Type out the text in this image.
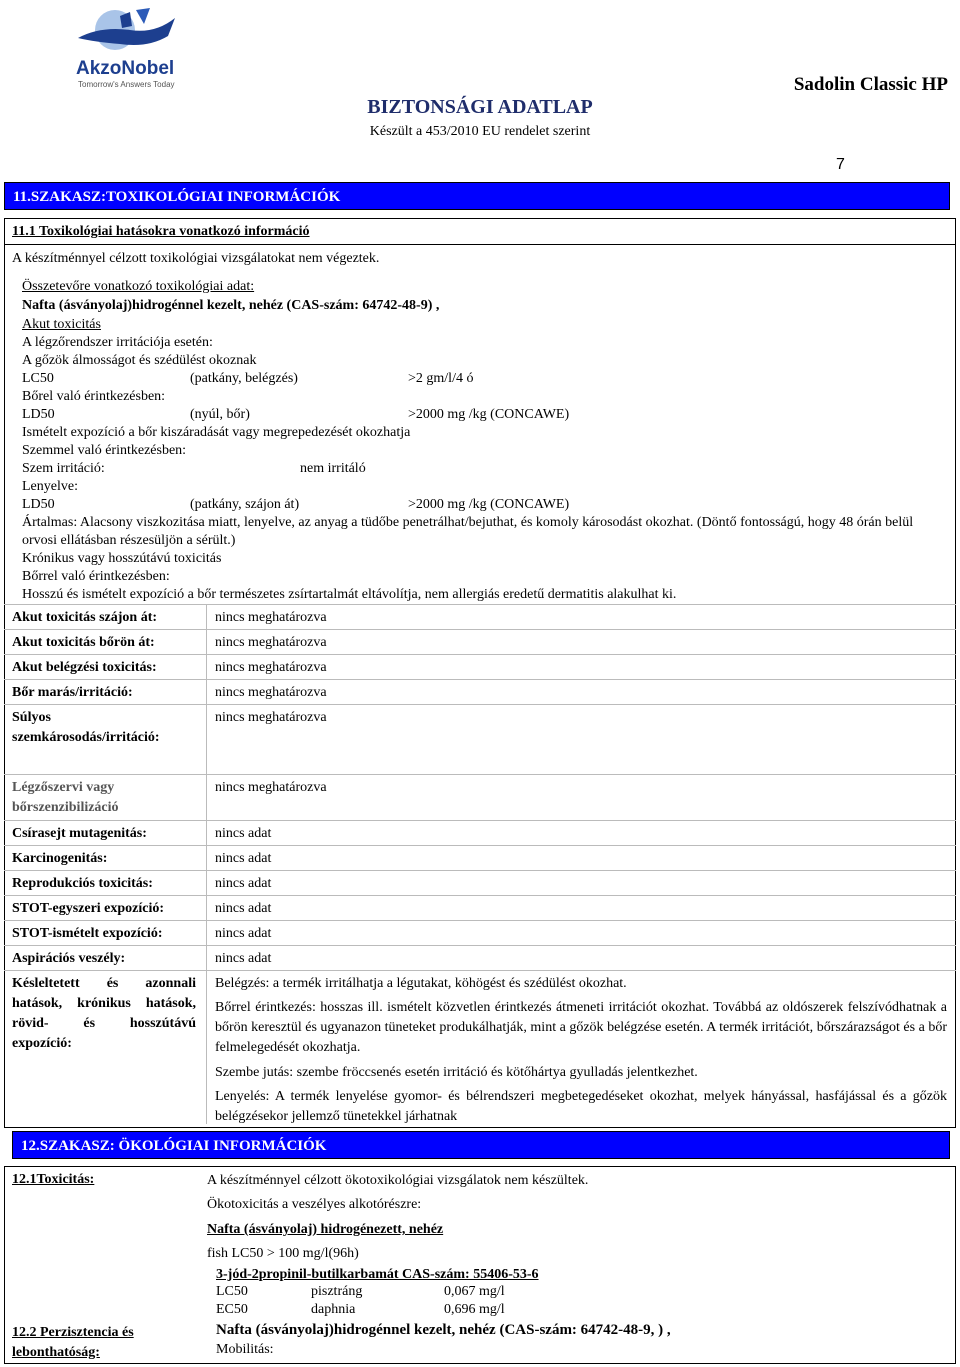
AkzoNobel
Tomorrow's Answers Today
BIZTONSÁGI ADATLAP
Készült a 453/2010 EU rendelet szerint
Sadolin Classic HP
7
11.SZAKASZ:TOXIKOLÓGIAI INFORMÁCIÓK
11.1 Toxikológiai hatásokra vonatkozó információ
A készítménnyel célzott toxikológiai vizsgálatokat nem végeztek.
Összetevőre vonatkozó toxikológiai adat:
Nafta (ásványolaj)hidrogénnel kezelt, nehéz (CAS-szám: 64742-48-9) ,
Akut toxicitás
A légzőrendszer irritációja esetén:
A gőzök álmosságot és szédülést okoznak
LC50	(patkány, belégzés)	>2 gm/l/4 ó
Bőrel való érintkezésben:
LD50	(nyúl, bőr)	>2000 mg /kg (CONCAWE)
Ismételt expozíció a bőr kiszáradását vagy megrepedezését okozhatja
Szemmel való érintkezésben:
Szem irritáció:	nem irritáló
Lenyelve:
LD50	(patkány, szájon át)	>2000 mg /kg (CONCAWE)
Ártalmas: Alacsony viszkozitása miatt, lenyelve, az anyag a tüdőbe penetrálhat/bejuthat, és komoly károsodást okozhat. (Döntő fontosságú, hogy 48 órán belül orvosi ellátásban részesüljön a sérült.)
Krónikus vagy hosszútávú toxicitás
Bőrrel való érintkezésben:
Hosszú és ismételt expozíció a bőr természetes zsírtartalmát eltávolítja, nem allergiás eredetű dermatitis alakulhat ki.
Akut toxicitás szájon át:	nincs meghatározva
Akut toxicitás bőrön át:	nincs meghatározva
Akut belégzési toxicitás:	nincs meghatározva
Bőr marás/irritáció:	nincs meghatározva
Súlyos szemkárosodás/irritáció:
nincs meghatározva
Légzőszervi vagy bőrszenzibilizáció
nincs meghatározva
Csírasejt mutagenitás:	nincs adat
Karcinogenitás:	nincs adat
Reprodukciós toxicitás:	nincs adat
STOT-egyszeri expozíció:	nincs adat
STOT-ismételt expozíció:	nincs adat
Aspirációs veszély:	nincs adat
Késleltetett és azonnali hatások, krónikus hatások, rövid- és hosszútávú expozíció:
Belégzés: a termék irritálhatja a légutakat, köhögést és szédülést okozhat.
Bőrrel érintkezés: hosszas ill. ismételt közvetlen érintkezés átmeneti irritációt okozhat. Továbbá az oldószerek felszívódhatnak a bőrön keresztül és ugyanazon tüneteket produkálhatják, mint a gőzök belégzése esetén. A termék irritációt, bőrszárazságot és a bőr felmelegedését okozhatja.
Szembe jutás: szembe fröccsenés esetén irritáció és kötőhártya gyulladás jelentkezhet.
Lenyelés: A termék lenyelése gyomor- és bélrendszeri megbetegedéseket okozhat, melyek hányással, hasfájással és a gőzök belégzésekor jellemző tünetekkel járhatnak
12.SZAKASZ: ÖKOLÓGIAI INFORMÁCIÓK
12.1Toxicitás:	A készítménnyel célzott ökotoxikológiai vizsgálatok nem készültek.
Ökotoxicitás a veszélyes alkotórészre:
Nafta (ásványolaj) hidrogénezett, nehéz
fish LC50 > 100 mg/l(96h)
3-jód-2propinil-butilkarbamát CAS-szám: 55406-53-6
LC50	pisztráng	0,067 mg/l
EC50	daphnia	0,696 mg/l
12.2 Perzisztencia és lebonthatóság:
Nafta (ásványolaj)hidrogénnel kezelt, nehéz (CAS-szám: 64742-48-9, ) ,
Mobilitás:
